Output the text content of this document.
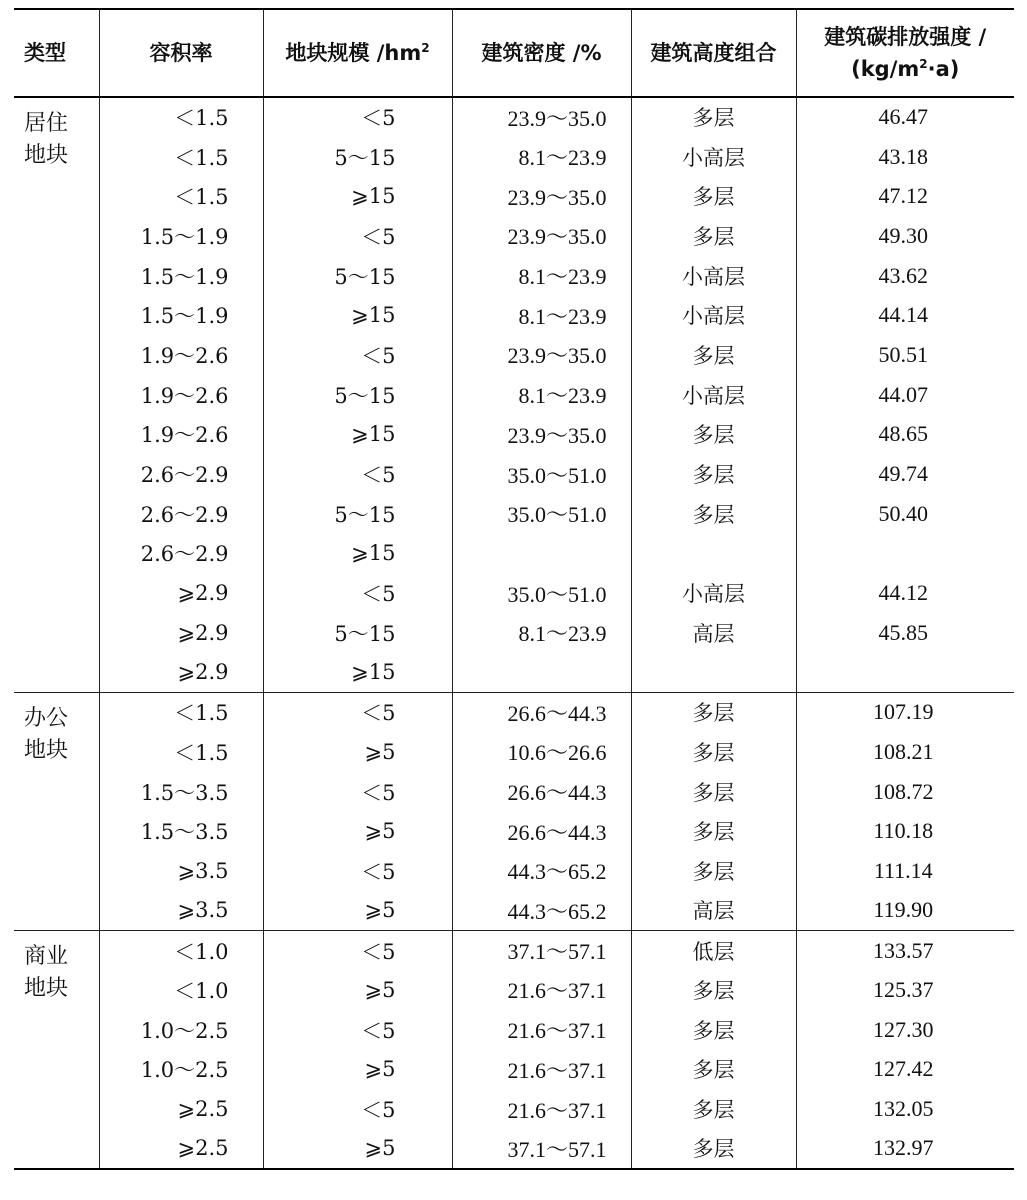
类型	容积率	地块规模 $/hm^2$	建筑密度 /%	建筑高度组合	建筑碳排放强度 /
$(kg/m^2\cdot a)$
居住
地块	＜1.5	＜5	23.9～35.0	多层	46.47
	＜1.5	5～15	8.1～23.9	小高层	43.18
	＜1.5	⩾15	23.9～35.0	多层	47.12
	1.5～1.9	＜5	23.9～35.0	多层	49.30
	1.5～1.9	5～15	8.1～23.9	小高层	43.62
	1.5～1.9	⩾15	8.1～23.9	小高层	44.14
	1.9～2.6	＜5	23.9～35.0	多层	50.51
	1.9～2.6	5～15	8.1～23.9	小高层	44.07
	1.9～2.6	⩾15	23.9～35.0	多层	48.65
	2.6～2.9	＜5	35.0～51.0	多层	49.74
	2.6～2.9	5～15	35.0～51.0	多层	50.40
	2.6～2.9	⩾15			
	⩾2.9	＜5	35.0～51.0	小高层	44.12
	⩾2.9	5～15	8.1～23.9	高层	45.85
	⩾2.9	⩾15			
办公
地块	＜1.5	＜5	26.6～44.3	多层	107.19
	＜1.5	⩾5	10.6～26.6	多层	108.21
	1.5～3.5	＜5	26.6～44.3	多层	108.72
	1.5～3.5	⩾5	26.6～44.3	多层	110.18
	⩾3.5	＜5	44.3～65.2	多层	111.14
	⩾3.5	⩾5	44.3～65.2	高层	119.90
商业
地块	＜1.0	＜5	37.1～57.1	低层	133.57
	＜1.0	⩾5	21.6～37.1	多层	125.37
	1.0～2.5	＜5	21.6～37.1	多层	127.30
	1.0～2.5	⩾5	21.6～37.1	多层	127.42
	⩾2.5	＜5	21.6～37.1	多层	132.05
	⩾2.5	⩾5	37.1～57.1	多层	132.97
